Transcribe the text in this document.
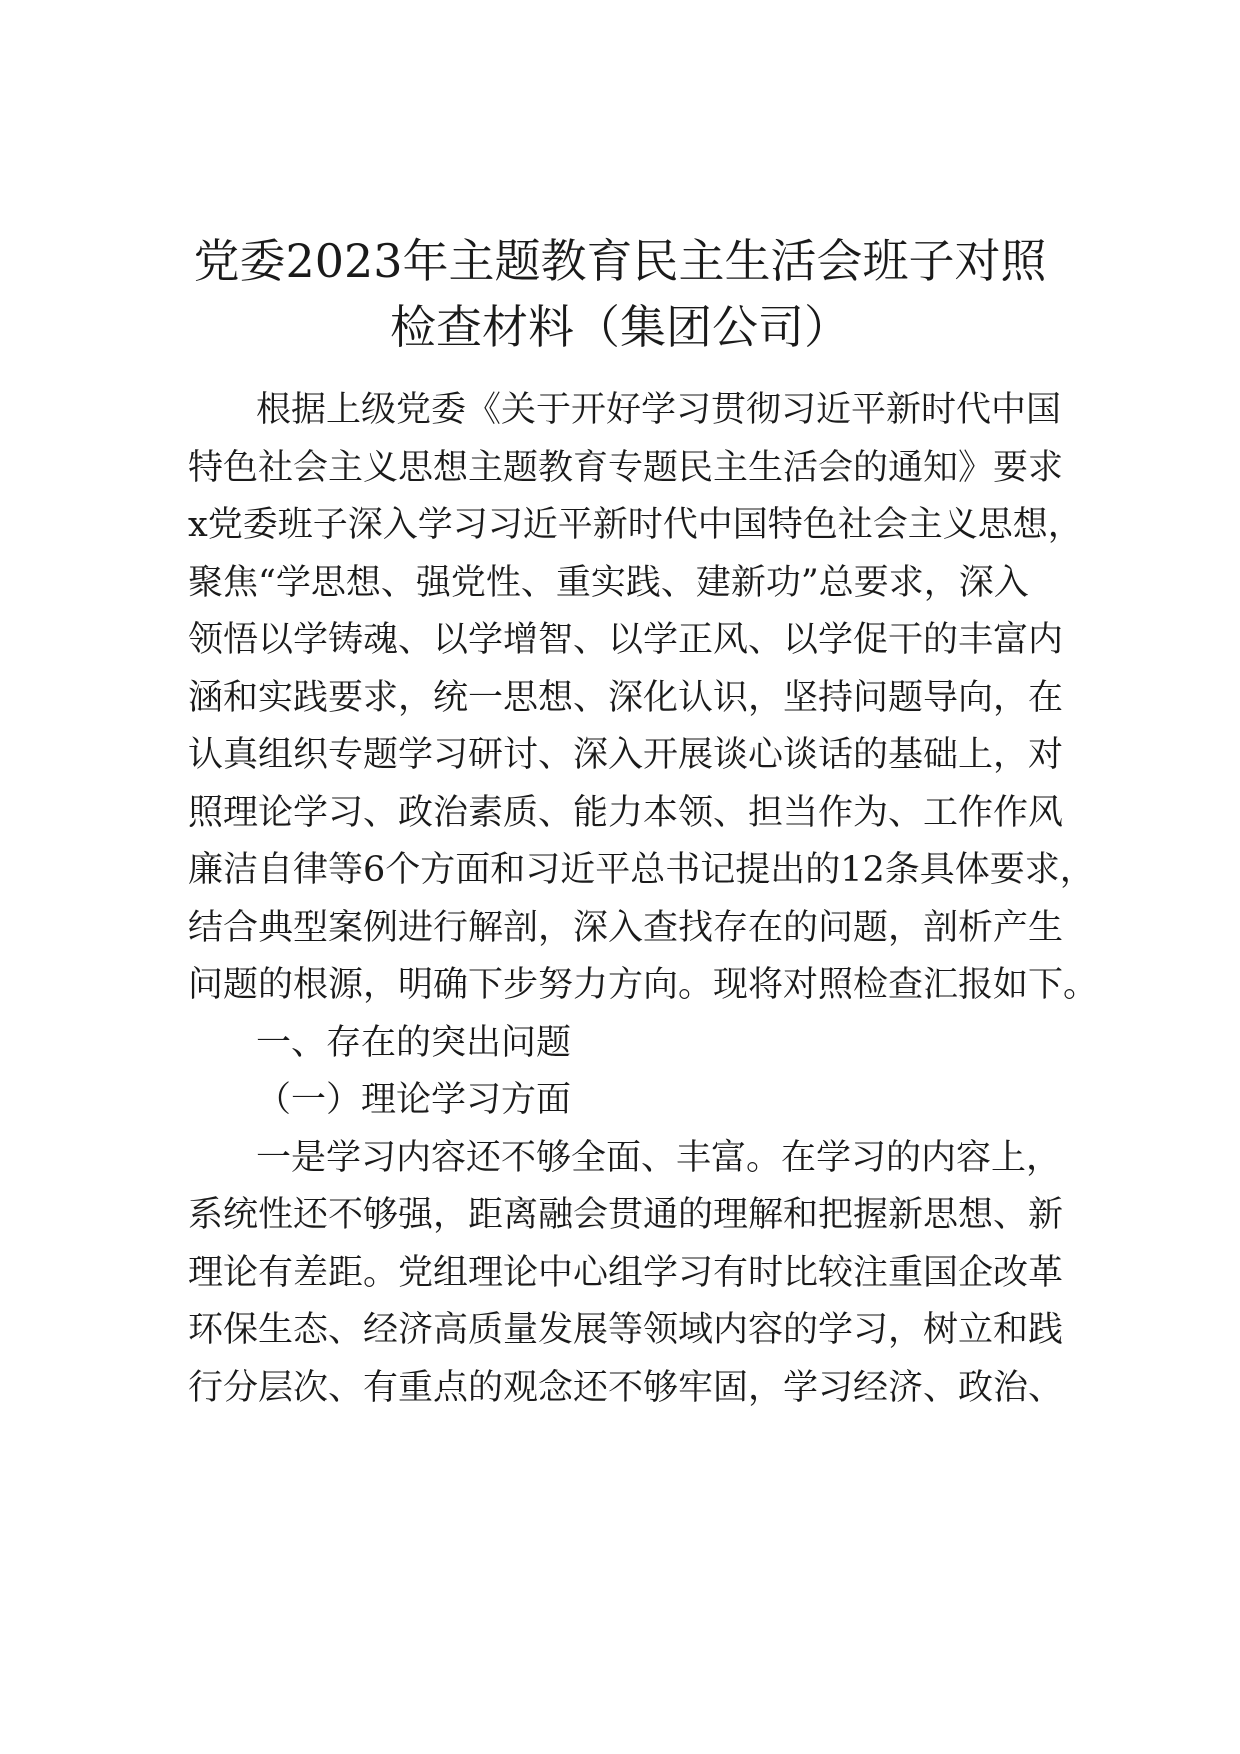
党委2023年主题教育民主生活会班子对照
检查材料（集团公司）

根据上级党委《关于开好学习贯彻习近平新时代中国

特色社会主义思想主题教育专题民主生活会的通知》要求

x党委班子深入学习习近平新时代中国特色社会主义思想，

聚焦“学思想、强党性、重实践、建新功”总要求，深入

领悟以学铸魂、以学增智、以学正风、以学促干的丰富内

涵和实践要求，统一思想、深化认识，坚持问题导向，在

认真组织专题学习研讨、深入开展谈心谈话的基础上，对

照理论学习、政治素质、能力本领、担当作为、工作作风

廉洁自律等6个方面和习近平总书记提出的12条具体要求，

结合典型案例进行解剖，深入查找存在的问题，剖析产生

问题的根源，明确下步努力方向。现将对照检查汇报如下。

一、存在的突出问题

（一）理论学习方面

一是学习内容还不够全面、丰富。在学习的内容上，

系统性还不够强，距离融会贯通的理解和把握新思想、新

理论有差距。党组理论中心组学习有时比较注重国企改革

环保生态、经济高质量发展等领域内容的学习，树立和践

行分层次、有重点的观念还不够牢固，学习经济、政治、
